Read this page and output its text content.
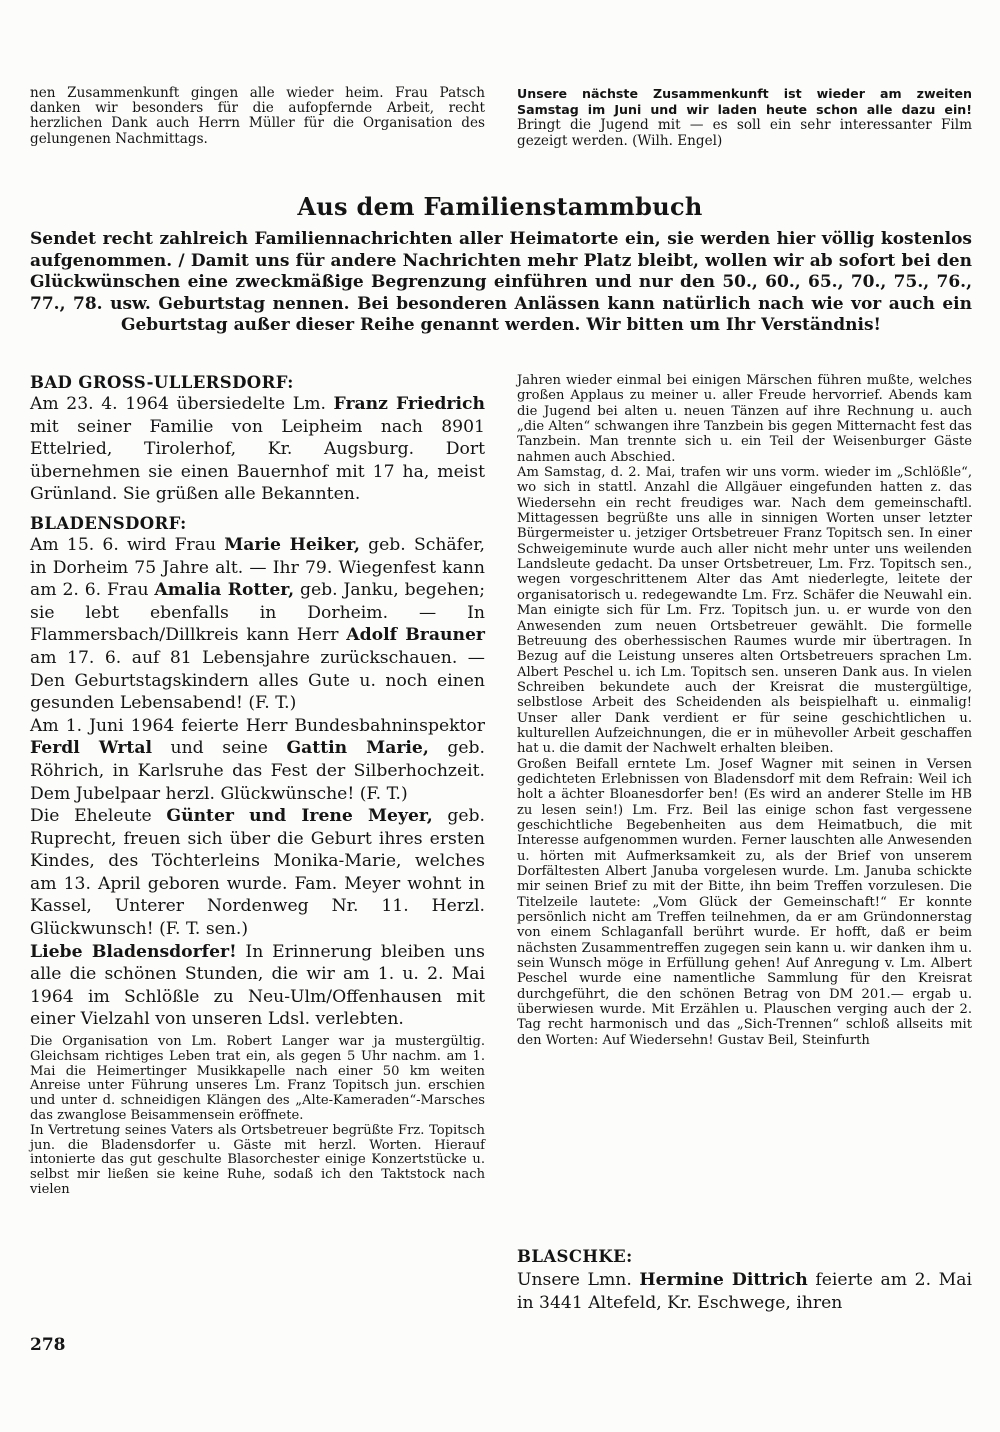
nen Zusammenkunft gingen alle wieder heim. Frau Patsch danken wir besonders für die aufopfernde Arbeit, recht herzlichen Dank auch Herrn Müller für die Organisation des gelungenen Nachmittags.

Unsere nächste Zusammenkunft ist wieder am zweiten Samstag im Juni und wir laden heute schon alle dazu ein! Bringt die Jugend mit — es soll ein sehr interessanter Film gezeigt werden. (Wilh. Engel)

Aus dem Familienstammbuch

Sendet recht zahlreich Familiennachrichten aller Heimatorte ein, sie werden hier völlig kostenlos aufgenommen. / Damit uns für andere Nachrichten mehr Platz bleibt, wollen wir ab sofort bei den Glückwünschen eine zweckmäßige Begrenzung einführen und nur den 50., 60., 65., 70., 75., 76., 77., 78. usw. Geburtstag nennen. Bei besonderen Anlässen kann natürlich nach wie vor auch ein Geburtstag außer dieser Reihe genannt werden. Wir bitten um Ihr Verständnis!

BAD GROSS-ULLERSDORF:

Am 23. 4. 1964 übersiedelte Lm. Franz Friedrich mit seiner Familie von Leipheim nach 8901 Ettelried, Tirolerhof, Kr. Augsburg. Dort übernehmen sie einen Bauernhof mit 17 ha, meist Grünland. Sie grüßen alle Bekannten.

BLADENSDORF:

Am 15. 6. wird Frau Marie Heiker, geb. Schäfer, in Dorheim 75 Jahre alt. — Ihr 79. Wiegenfest kann am 2. 6. Frau Amalia Rotter, geb. Janku, begehen; sie lebt ebenfalls in Dorheim. — In Flammersbach/Dillkreis kann Herr Adolf Brauner am 17. 6. auf 81 Lebensjahre zurückschauen. — Den Geburtstagskindern alles Gute u. noch einen gesunden Lebensabend! (F. T.)

Am 1. Juni 1964 feierte Herr Bundesbahninspektor Ferdl Wrtal und seine Gattin Marie, geb. Röhrich, in Karlsruhe das Fest der Silberhochzeit. Dem Jubelpaar herzl. Glückwünsche! (F. T.)

Die Eheleute Günter und Irene Meyer, geb. Ruprecht, freuen sich über die Geburt ihres ersten Kindes, des Töchterleins Monika-Marie, welches am 13. April geboren wurde. Fam. Meyer wohnt in Kassel, Unterer Nordenweg Nr. 11. Herzl. Glückwunsch! (F. T. sen.)

Liebe Bladensdorfer! In Erinnerung bleiben uns alle die schönen Stunden, die wir am 1. u. 2. Mai 1964 im Schlößle zu Neu-Ulm/Offenhausen mit einer Vielzahl von unseren Ldsl. verlebten.

Die Organisation von Lm. Robert Langer war ja mustergültig. Gleichsam richtiges Leben trat ein, als gegen 5 Uhr nachm. am 1. Mai die Heimertinger Musikkapelle nach einer 50 km weiten Anreise unter Führung unseres Lm. Franz Topitsch jun. erschien und unter d. schneidigen Klängen des „Alte-Kameraden“-Marsches das zwanglose Beisammensein eröffnete.

In Vertretung seines Vaters als Ortsbetreuer begrüßte Frz. Topitsch jun. die Bladensdorfer u. Gäste mit herzl. Worten. Hierauf intonierte das gut geschulte Blasorchester einige Konzertstücke u. selbst mir ließen sie keine Ruhe, sodaß ich den Taktstock nach vielen

Jahren wieder einmal bei einigen Märschen führen mußte, welches großen Applaus zu meiner u. aller Freude hervorrief. Abends kam die Jugend bei alten u. neuen Tänzen auf ihre Rechnung u. auch „die Alten“ schwangen ihre Tanzbein bis gegen Mitternacht fest das Tanzbein. Man trennte sich u. ein Teil der Weisenburger Gäste nahmen auch Abschied.

Am Samstag, d. 2. Mai, trafen wir uns vorm. wieder im „Schlößle“, wo sich in stattl. Anzahl die Allgäuer eingefunden hatten z. das Wiedersehn ein recht freudiges war. Nach dem gemeinschaftl. Mittagessen begrüßte uns alle in sinnigen Worten unser letzter Bürgermeister u. jetziger Ortsbetreuer Franz Topitsch sen. In einer Schweigeminute wurde auch aller nicht mehr unter uns weilenden Landsleute gedacht. Da unser Ortsbetreuer, Lm. Frz. Topitsch sen., wegen vorgeschrittenem Alter das Amt niederlegte, leitete der organisatorisch u. redegewandte Lm. Frz. Schäfer die Neuwahl ein. Man einigte sich für Lm. Frz. Topitsch jun. u. er wurde von den Anwesenden zum neuen Ortsbetreuer gewählt. Die formelle Betreuung des oberhessischen Raumes wurde mir übertragen. In Bezug auf die Leistung unseres alten Ortsbetreuers sprachen Lm. Albert Peschel u. ich Lm. Topitsch sen. unseren Dank aus. In vielen Schreiben bekundete auch der Kreisrat die mustergültige, selbstlose Arbeit des Scheidenden als beispielhaft u. einmalig! Unser aller Dank verdient er für seine geschichtlichen u. kulturellen Aufzeichnungen, die er in mühevoller Arbeit geschaffen hat u. die damit der Nachwelt erhalten bleiben.

Großen Beifall erntete Lm. Josef Wagner mit seinen in Versen gedichteten Erlebnissen von Bladensdorf mit dem Refrain: Weil ich holt a ächter Bloanesdorfer ben! (Es wird an anderer Stelle im HB zu lesen sein!) Lm. Frz. Beil las einige schon fast vergessene geschichtliche Begebenheiten aus dem Heimatbuch, die mit Interesse aufgenommen wurden. Ferner lauschten alle Anwesenden u. hörten mit Aufmerksamkeit zu, als der Brief von unserem Dorfältesten Albert Januba vorgelesen wurde. Lm. Januba schickte mir seinen Brief zu mit der Bitte, ihn beim Treffen vorzulesen. Die Titelzeile lautete: „Vom Glück der Gemeinschaft!“ Er konnte persönlich nicht am Treffen teilnehmen, da er am Gründonnerstag von einem Schlaganfall berührt wurde. Er hofft, daß er beim nächsten Zusammentreffen zugegen sein kann u. wir danken ihm u. sein Wunsch möge in Erfüllung gehen! Auf Anregung v. Lm. Albert Peschel wurde eine namentliche Sammlung für den Kreisrat durchgeführt, die den schönen Betrag von DM 201.— ergab u. überwiesen wurde. Mit Erzählen u. Plauschen verging auch der 2. Tag recht harmonisch und das „Sich-Trennen“ schloß allseits mit den Worten: Auf Wiedersehn! Gustav Beil, Steinfurth

BLASCHKE:

Unsere Lmn. Hermine Dittrich feierte am 2. Mai in 3441 Altefeld, Kr. Eschwege, ihren

278
